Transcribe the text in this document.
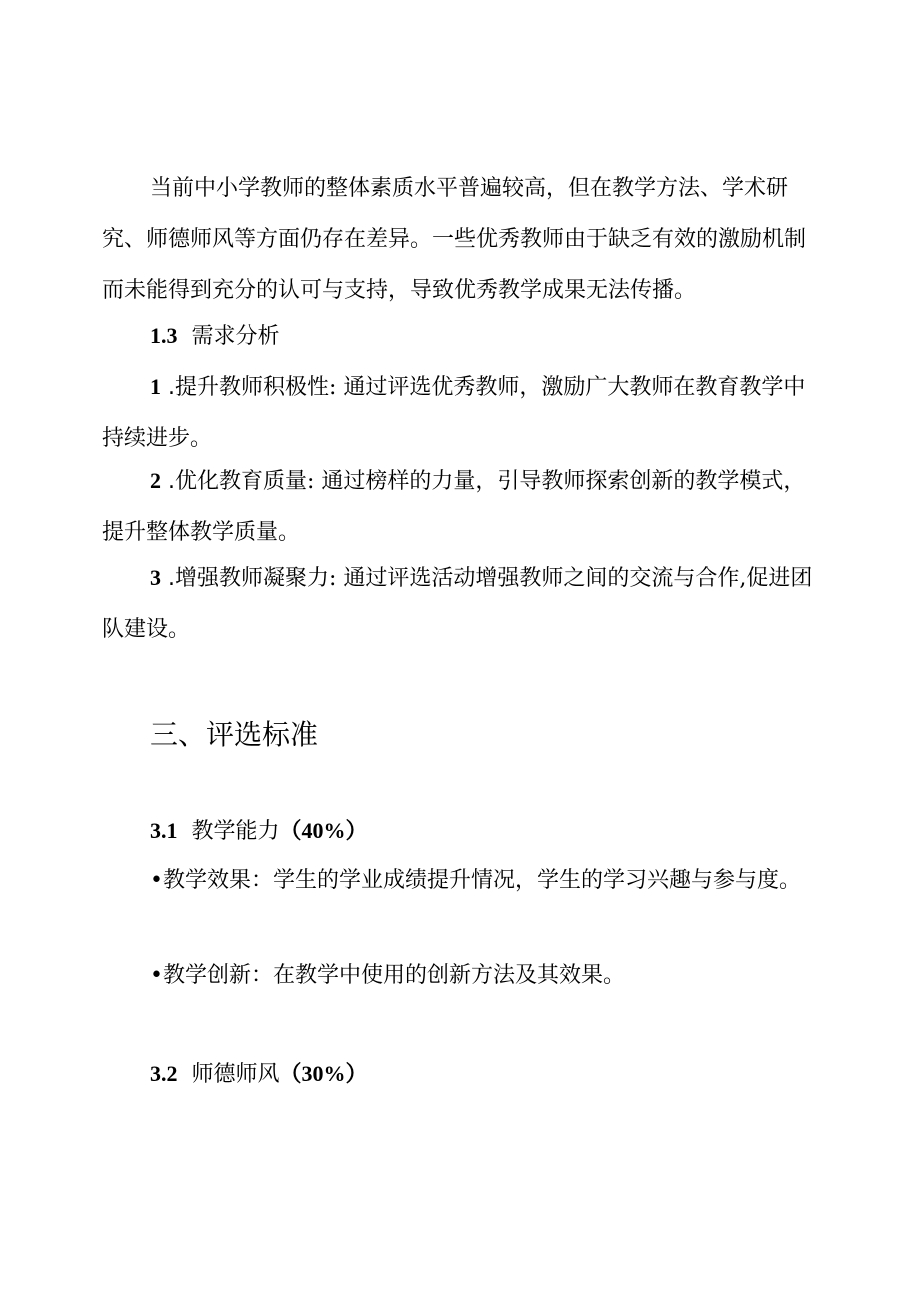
当前中小学教师的整体素质水平普遍较高，但在教学方法、学术研究、师德师风等方面仍存在差异。一些优秀教师由于缺乏有效的激励机制而未能得到充分的认可与支持，导致优秀教学成果无法传播。

1.3 需求分析

1 .提升教师积极性: 通过评选优秀教师，激励广大教师在教育教学中持续进步。

2 .优化教育质量: 通过榜样的力量，引导教师探索创新的教学模式，提升整体教学质量。

3 .增强教师凝聚力: 通过评选活动增强教师之间的交流与合作,促进团队建设。

三、评选标准
3.1 教学能力（40%）

•教学效果：学生的学业成绩提升情况，学生的学习兴趣与参与度。

•教学创新：在教学中使用的创新方法及其效果。

3.2 师德师风（30%）
